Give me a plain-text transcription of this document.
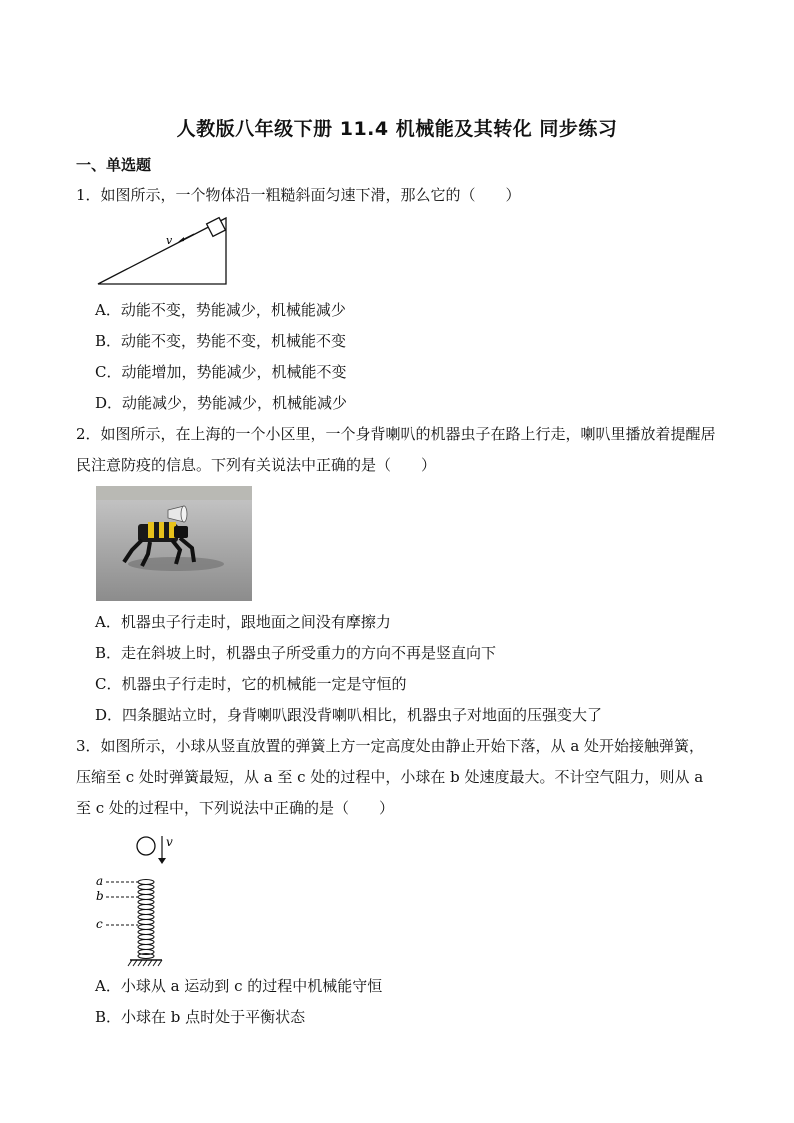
人教版八年级下册 11.4 机械能及其转化 同步练习
一、单选题
1．如图所示，一个物体沿一粗糙斜面匀速下滑，那么它的（　　）
v
A．动能不变，势能减少，机械能减少
B．动能不变，势能不变，机械能不变
C．动能增加，势能减少，机械能不变
D．动能减少，势能减少，机械能减少
2．如图所示，在上海的一个小区里，一个身背喇叭的机器虫子在路上行走，喇叭里播放着提醒居民注意防疫的信息。下列有关说法中正确的是（　　）
A．机器虫子行走时，跟地面之间没有摩擦力
B．走在斜坡上时，机器虫子所受重力的方向不再是竖直向下
C．机器虫子行走时，它的机械能一定是守恒的
D．四条腿站立时，身背喇叭跟没背喇叭相比，机器虫子对地面的压强变大了
3．如图所示，小球从竖直放置的弹簧上方一定高度处由静止开始下落，从 a 处开始接触弹簧，压缩至 c 处时弹簧最短，从 a 至 c 处的过程中，小球在 b 处速度最大。不计空气阻力，则从 a 至 c 处的过程中，下列说法中正确的是（　　）
v
a
b
c
A．小球从 a 运动到 c 的过程中机械能守恒
B．小球在 b 点时处于平衡状态
